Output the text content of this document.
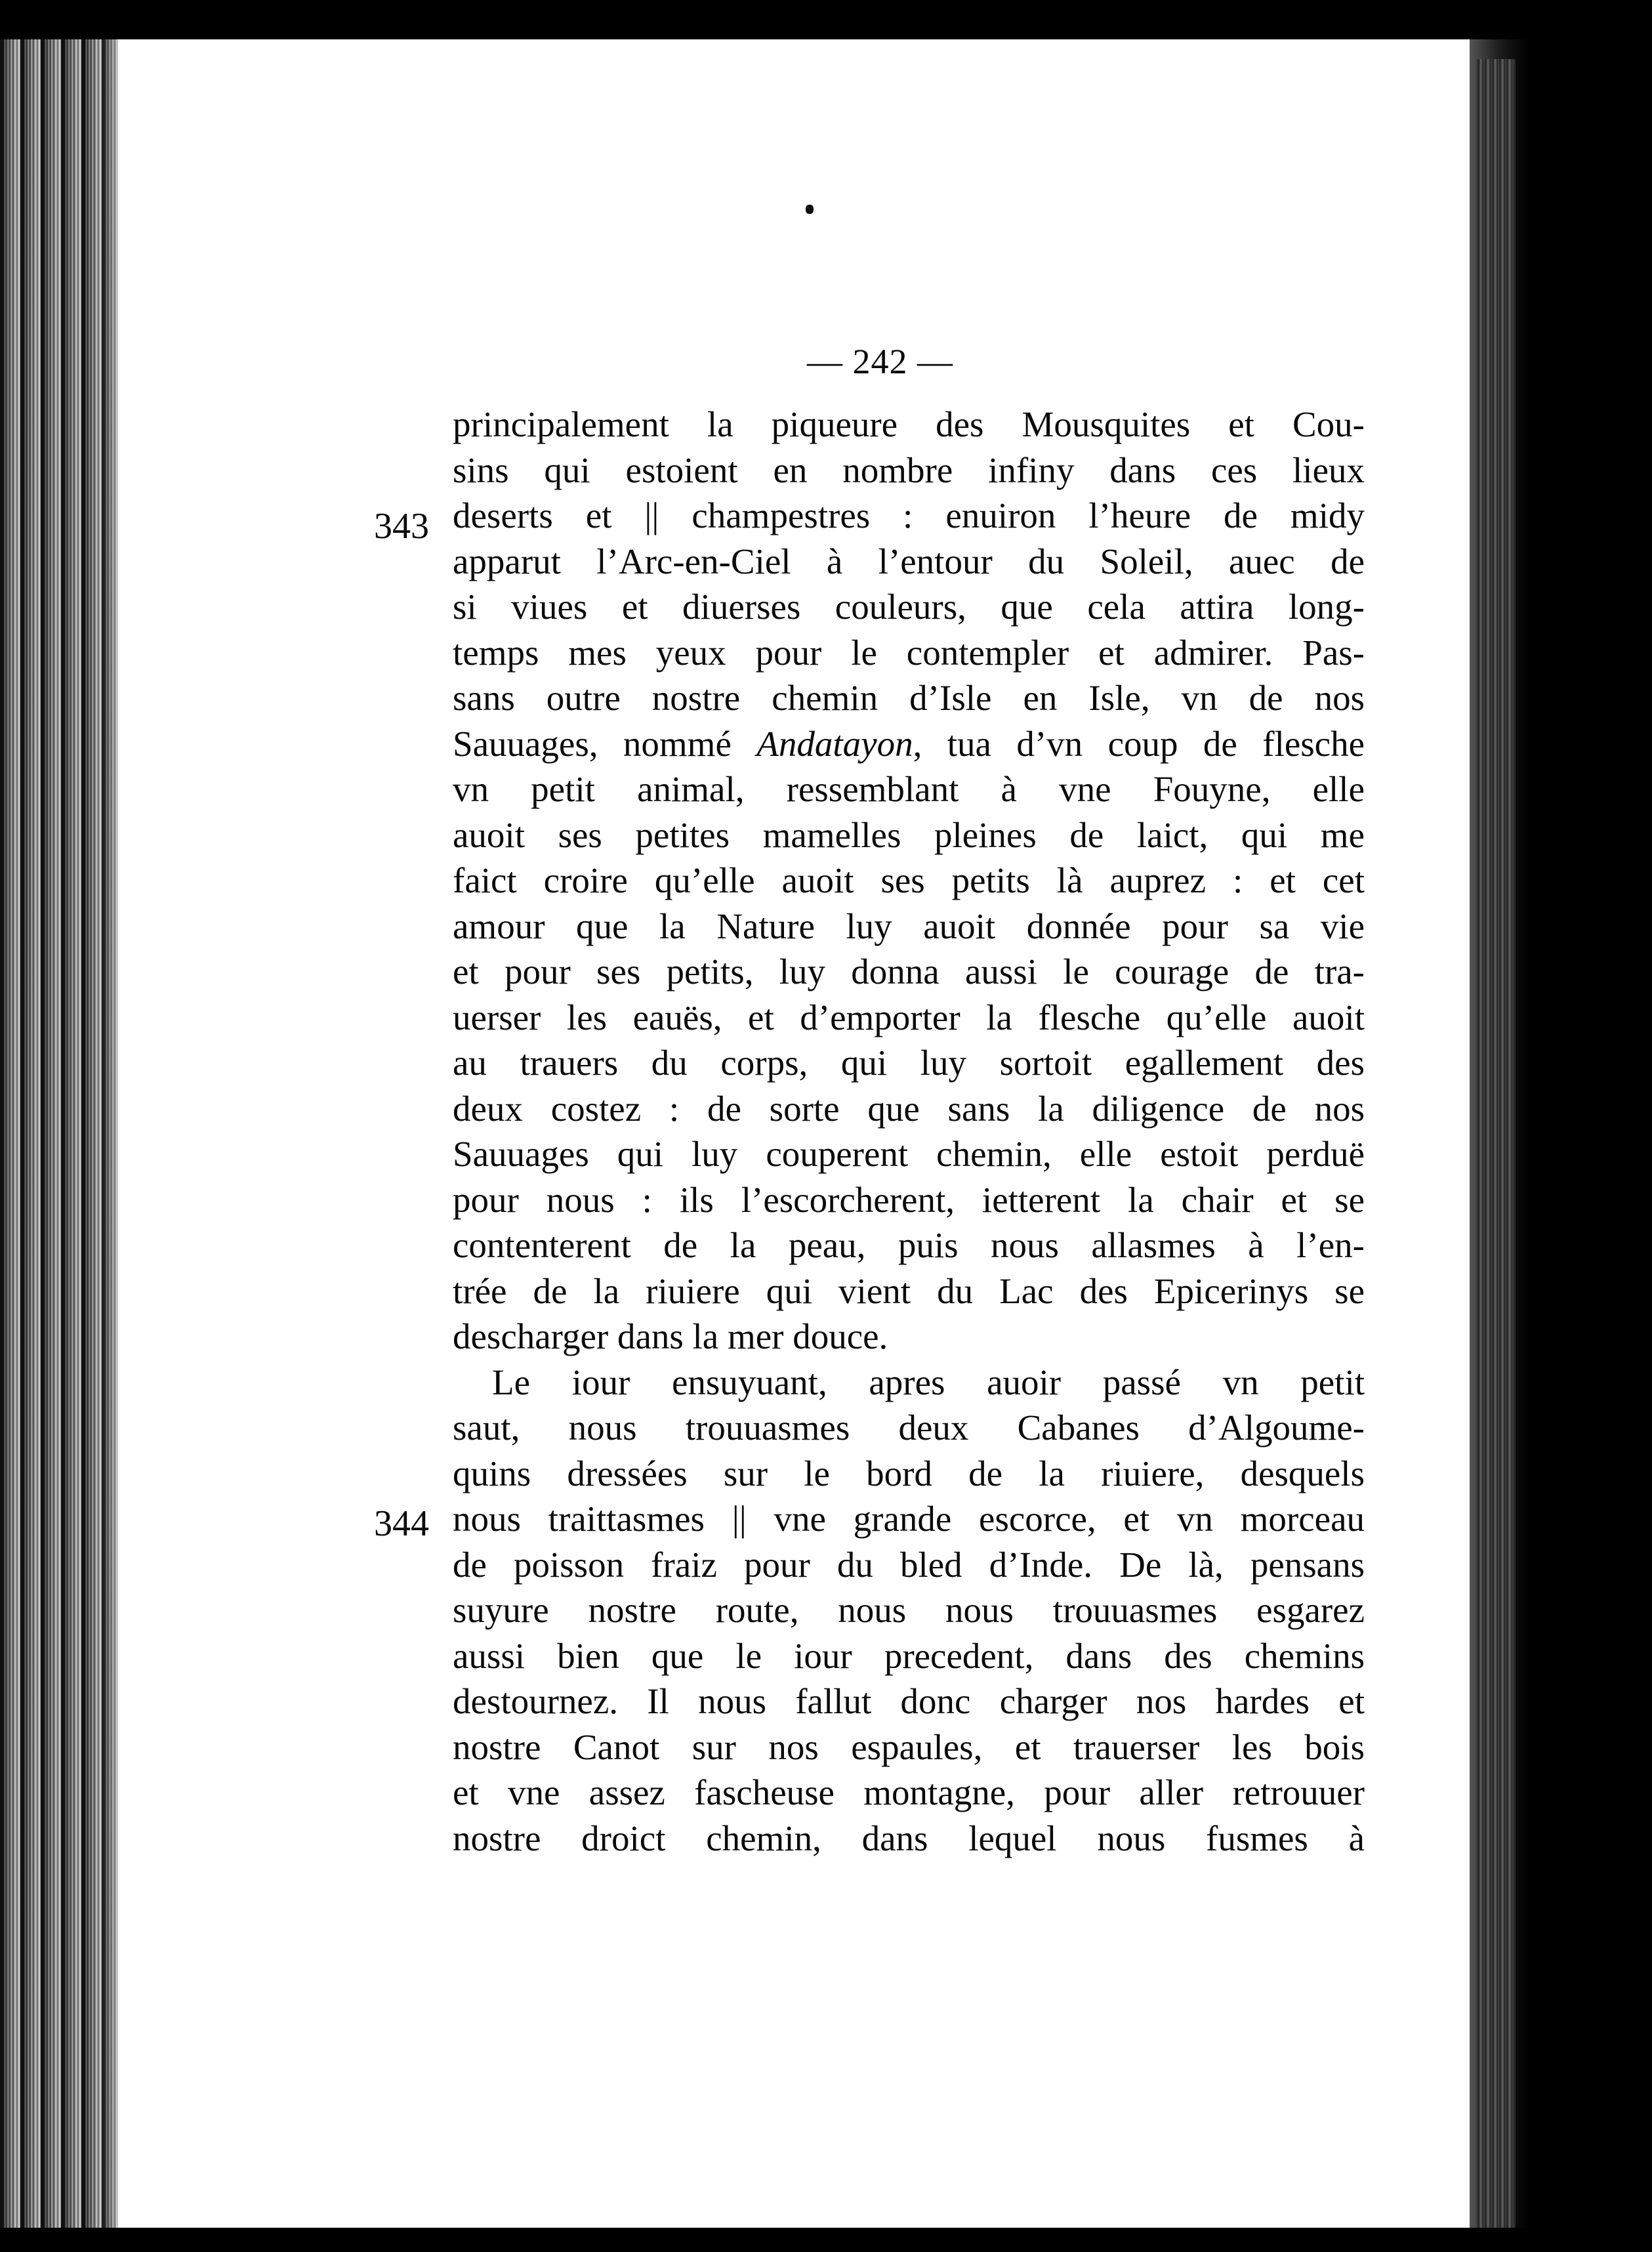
— 242 —
343
344
principalement la piqueure des Mousquites et Cou-
sins qui estoient en nombre infiny dans ces lieux
deserts et || champestres : enuiron l’heure de midy
apparut l’Arc-en-Ciel à l’entour du Soleil, auec de
si viues et diuerses couleurs, que cela attira long-
temps mes yeux pour le contempler et admirer. Pas-
sans outre nostre chemin d’Isle en Isle, vn de nos
Sauuages, nommé Andatayon, tua d’vn coup de flesche
vn petit animal, ressemblant à vne Fouyne, elle
auoit ses petites mamelles pleines de laict, qui me
faict croire qu’elle auoit ses petits là auprez : et cet
amour que la Nature luy auoit donnée pour sa vie
et pour ses petits, luy donna aussi le courage de tra-
uerser les eauës, et d’emporter la flesche qu’elle auoit
au trauers du corps, qui luy sortoit egallement des
deux costez : de sorte que sans la diligence de nos
Sauuages qui luy couperent chemin, elle estoit perduë
pour nous : ils l’escorcherent, ietterent la chair et se
contenterent de la peau, puis nous allasmes à l’en-
trée de la riuiere qui vient du Lac des Epicerinys se
descharger dans la mer douce.
Le iour ensuyuant, apres auoir passé vn petit
saut, nous trouuasmes deux Cabanes d’Algoume-
quins dressées sur le bord de la riuiere, desquels
nous traittasmes || vne grande escorce, et vn morceau
de poisson fraiz pour du bled d’Inde. De là, pensans
suyure nostre route, nous nous trouuasmes esgarez
aussi bien que le iour precedent, dans des chemins
destournez. Il nous fallut donc charger nos hardes et
nostre Canot sur nos espaules, et trauerser les bois
et vne assez fascheuse montagne, pour aller retrouuer
nostre droict chemin, dans lequel nous fusmes à
